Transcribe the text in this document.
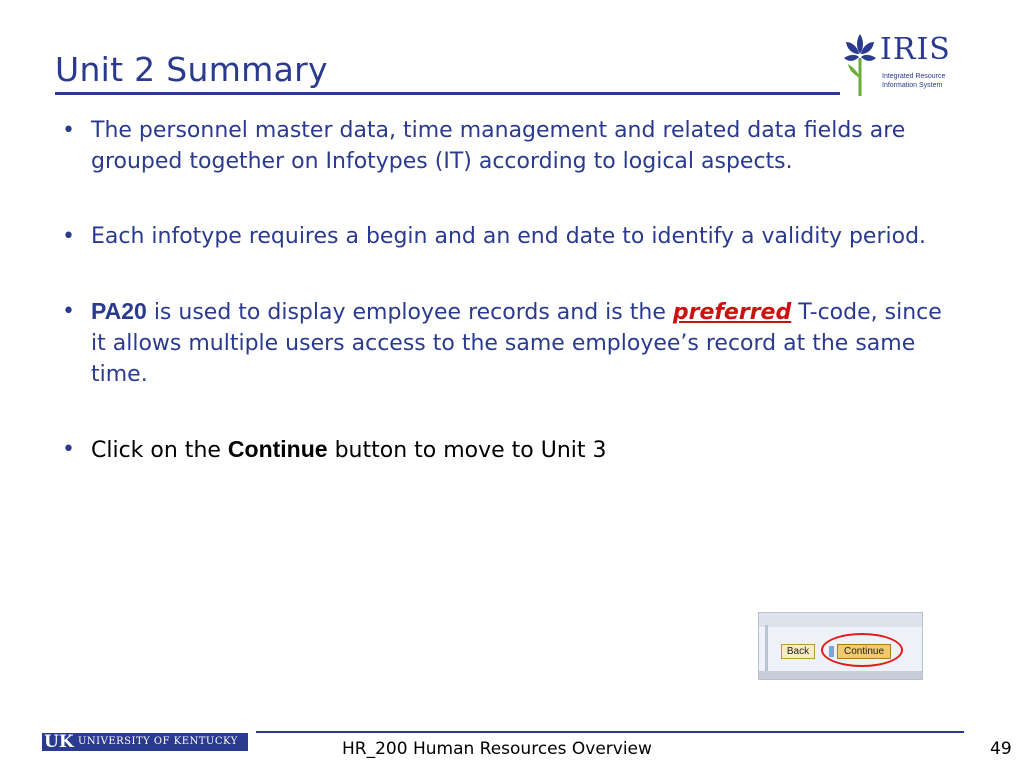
Unit 2 Summary
IRIS
Integrated Resource
Information System
• The personnel master data, time management and related data fields are grouped together on Infotypes (IT) according to logical aspects.
• Each infotype requires a begin and an end date to identify a validity period.
• PA20 is used to display employee records and is the preferred T-code, since it allows multiple users access to the same employee’s record at the same time.
• Click on the Continue button to move to Unit 3
Back	Continue
UK UNIVERSITY OF KENTUCKY	HR_200 Human Resources Overview	49
